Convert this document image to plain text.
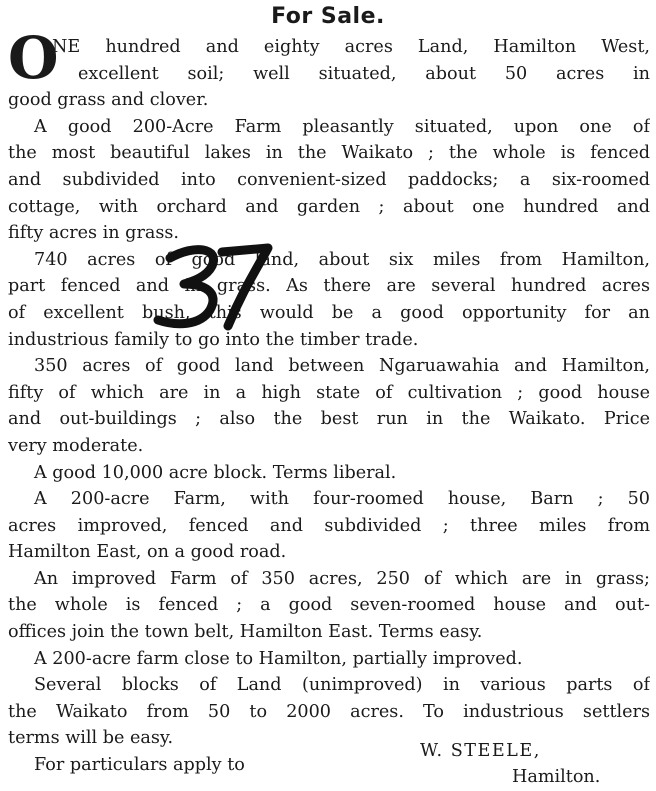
For Sale.
O
NE hundred and eighty acres Land, Hamilton West,
excellent soil; well situated, about 50 acres in
good grass and clover.
A good 200-Acre Farm pleasantly situated, upon one of
the most beautiful lakes in the Waikato ; the whole is fenced
and subdivided into convenient-sized paddocks; a six-roomed
cottage, with orchard and garden ; about one hundred and
fifty acres in grass.
740 acres of good land, about six miles from Hamilton,
part fenced and in grass. As there are several hundred acres
of excellent bush, this would be a good opportunity for an
industrious family to go into the timber trade.
350 acres of good land between Ngaruawahia and Hamilton,
fifty of which are in a high state of cultivation ; good house
and out-buildings ; also the best run in the Waikato. Price
very moderate.
A good 10,000 acre block. Terms liberal.
A 200-acre Farm, with four-roomed house, Barn ; 50
acres improved, fenced and subdivided ; three miles from
Hamilton East, on a good road.
An improved Farm of 350 acres, 250 of which are in grass;
the whole is fenced ; a good seven-roomed house and out-
offices join the town belt, Hamilton East. Terms easy.
A 200-acre farm close to Hamilton, partially improved.
Several blocks of Land (unimproved) in various parts of
the Waikato from 50 to 2000 acres. To industrious settlers
terms will be easy.
For particulars apply to
W. STEELE,
Hamilton.
